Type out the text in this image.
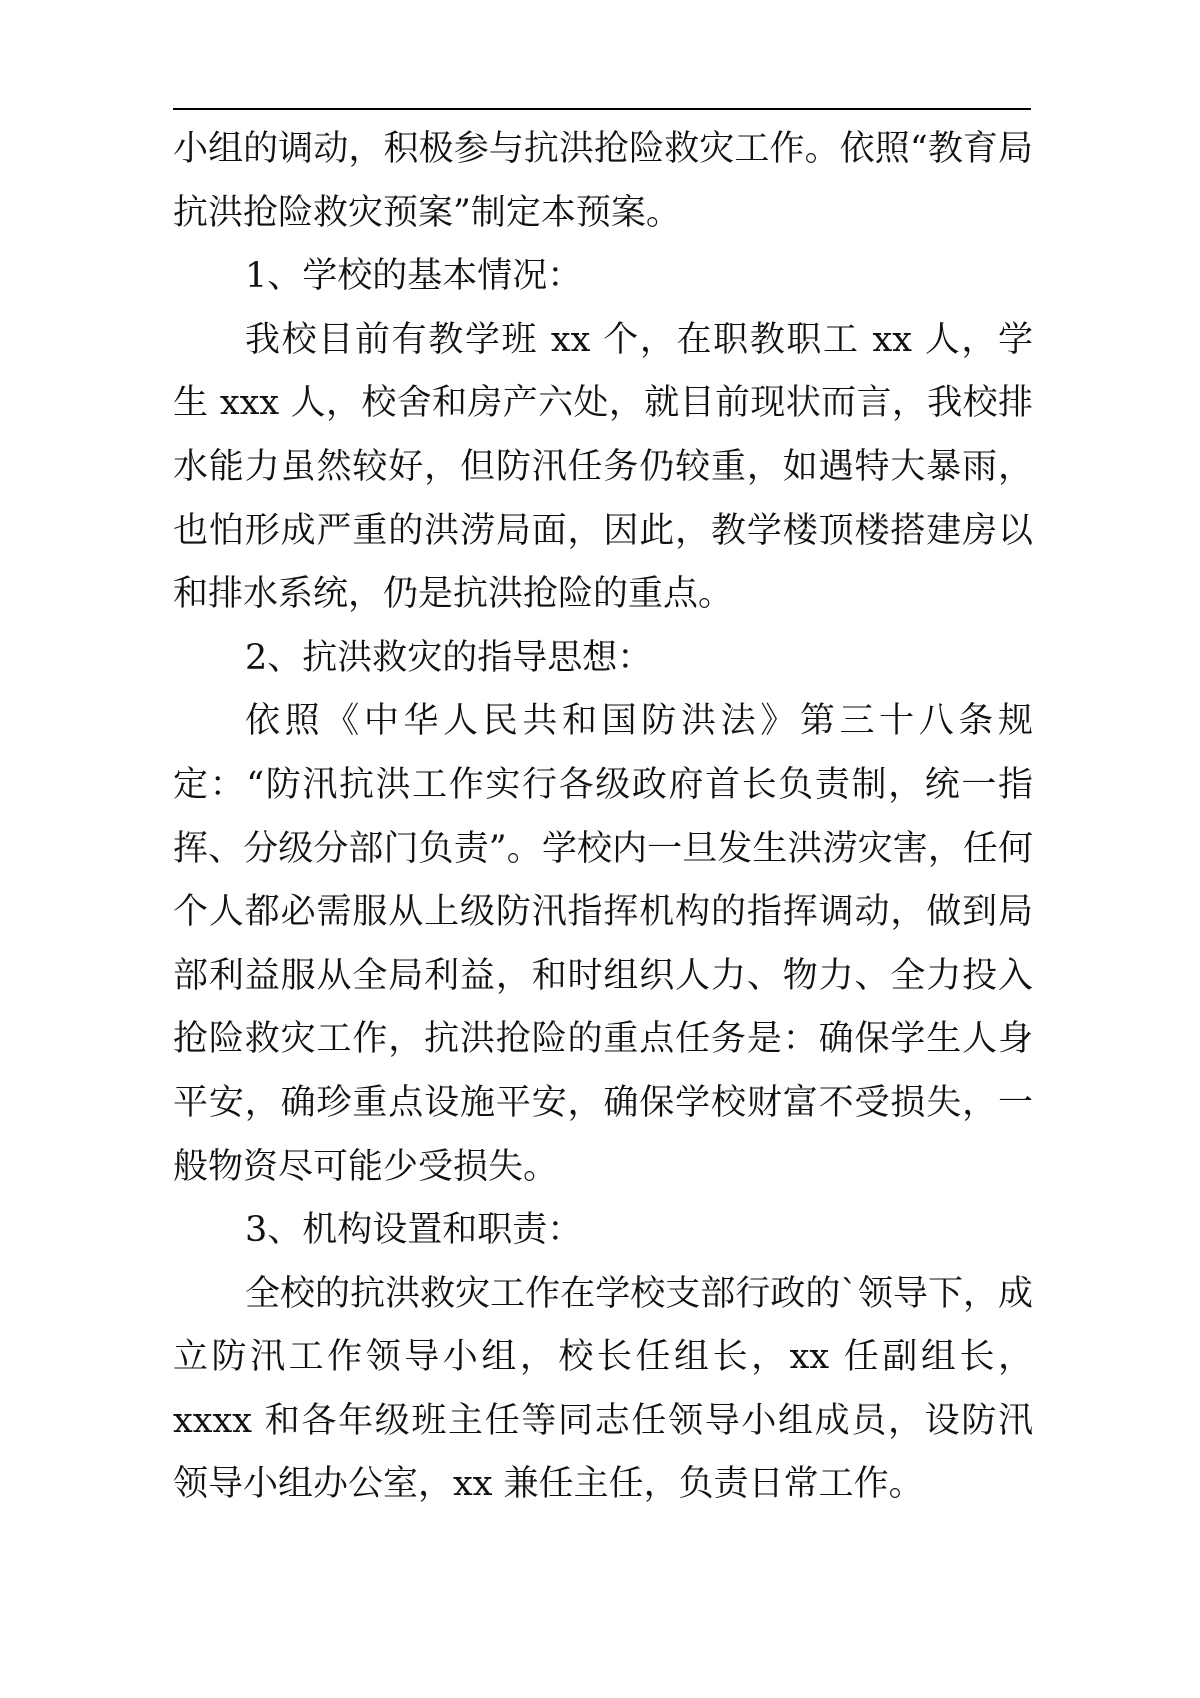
小组的调动，积极参与抗洪抢险救灾工作。依照“教育局抗洪抢险救灾预案”制定本预案。

1、学校的基本情况：

我校目前有教学班 xx 个，在职教职工 xx 人，学生 xxx 人，校舍和房产六处，就目前现状而言，我校排水能力虽然较好，但防汛任务仍较重，如遇特大暴雨，也怕形成严重的洪涝局面，因此，教学楼顶楼搭建房以和排水系统，仍是抗洪抢险的重点。

2、抗洪救灾的指导思想：

依照《中华人民共和国防洪法》第三十八条规定：“防汛抗洪工作实行各级政府首长负责制，统一指挥、分级分部门负责”。学校内一旦发生洪涝灾害，任何个人都必需服从上级防汛指挥机构的指挥调动，做到局部利益服从全局利益，和时组织人力、物力、全力投入抢险救灾工作，抗洪抢险的重点任务是：确保学生人身平安，确珍重点设施平安，确保学校财富不受损失，一般物资尽可能少受损失。

3、机构设置和职责：

全校的抗洪救灾工作在学校支部行政的`领导下，成立防汛工作领导小组，校长任组长，xx 任副组长，xxxx 和各年级班主任等同志任领导小组成员，设防汛领导小组办公室，xx 兼任主任，负责日常工作。
